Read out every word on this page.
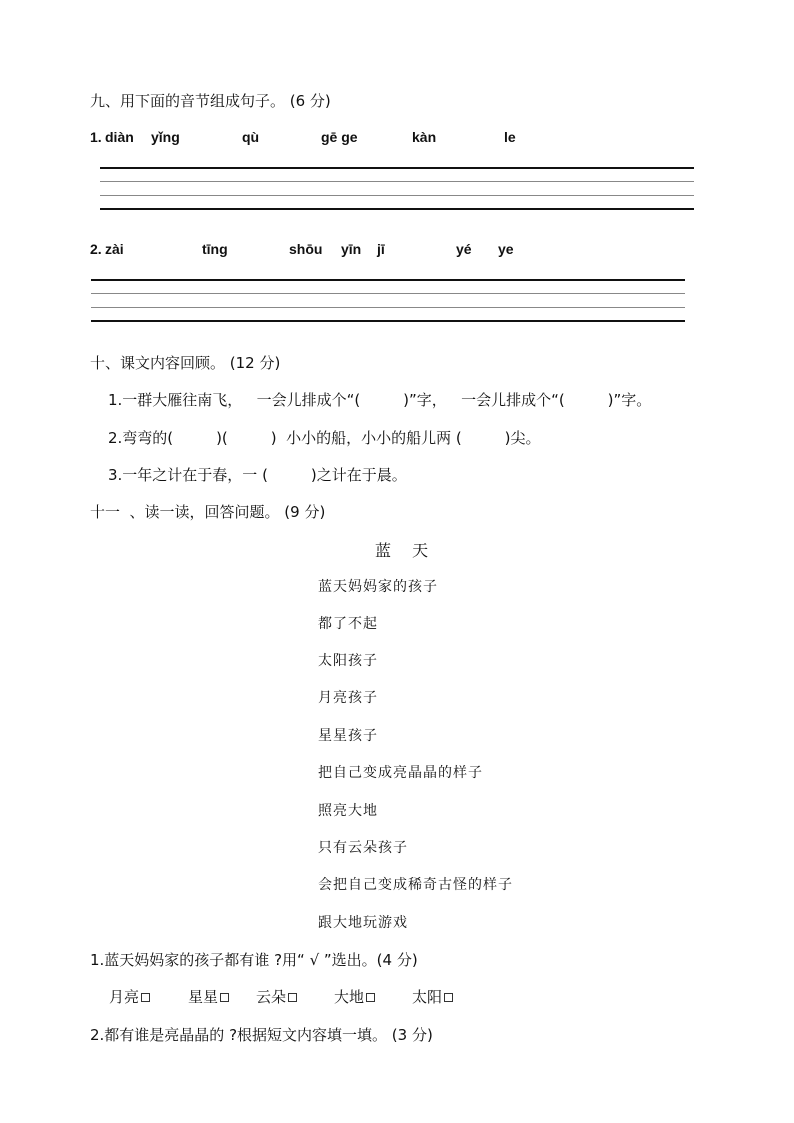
九、用下面的音节组成句子。 (6 分)
1. diàn yǐng	qù	gē ge	kàn	le
2. zài	tīng	shōu yīn jī	yé ye
十、课文内容回顾。 (12 分)
1.一群大雁往南飞，   一会儿排成个“(         )”字，   一会儿排成个“(         )”字。
2.弯弯的(         )(         )  小小的船，小小的船儿两 (         )尖。
3.一年之计在于春，一 (         )之计在于晨。
十一  、读一读，回答问题。 (9 分)
蓝 天
蓝天妈妈家的孩子
都了不起
太阳孩子
月亮孩子
星星孩子
把自己变成亮晶晶的样子
照亮大地
只有云朵孩子
会把自己变成稀奇古怪的样子
跟大地玩游戏
1.蓝天妈妈家的孩子都有谁 ?用“ √ ”选出。(4 分)
月亮	星星	云朵	大地	太阳
2.都有谁是亮晶晶的 ?根据短文内容填一填。 (3 分)
